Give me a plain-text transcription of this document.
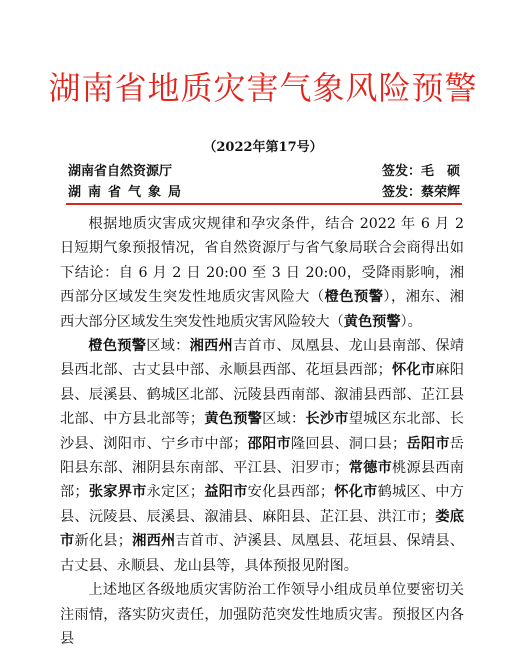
湖南省地质灾害气象风险预警
（2022年第17号）
湖南省自然资源厅	签发：毛　硕
湖南省气象局	签发：蔡荣辉

根据地质灾害成灾规律和孕灾条件，结合 2022 年 6 月 2 日短期气象预报情况，省自然资源厅与省气象局联合会商得出如下结论：自 6 月 2 日 20:00 至 3 日 20:00，受降雨影响，湘西部分区域发生突发性地质灾害风险大（橙色预警），湘东、湘西大部分区域发生突发性地质灾害风险较大（黄色预警）。

橙色预警区域：湘西州吉首市、凤凰县、龙山县南部、保靖县西北部、古丈县中部、永顺县西部、花垣县西部；怀化市麻阳县、辰溪县、鹤城区北部、沅陵县西南部、溆浦县西部、芷江县北部、中方县北部等；黄色预警区域：长沙市望城区东北部、长沙县、浏阳市、宁乡市中部；邵阳市隆回县、洞口县；岳阳市岳阳县东部、湘阴县东南部、平江县、汨罗市；常德市桃源县西南部；张家界市永定区；益阳市安化县西部；怀化市鹤城区、中方县、沅陵县、辰溪县、溆浦县、麻阳县、芷江县、洪江市；娄底市新化县；湘西州吉首市、泸溪县、凤凰县、花垣县、保靖县、古丈县、永顺县、龙山县等，具体预报见附图。

上述地区各级地质灾害防治工作领导小组成员单位要密切关注雨情，落实防灾责任，加强防范突发性地质灾害。预报区内各县
